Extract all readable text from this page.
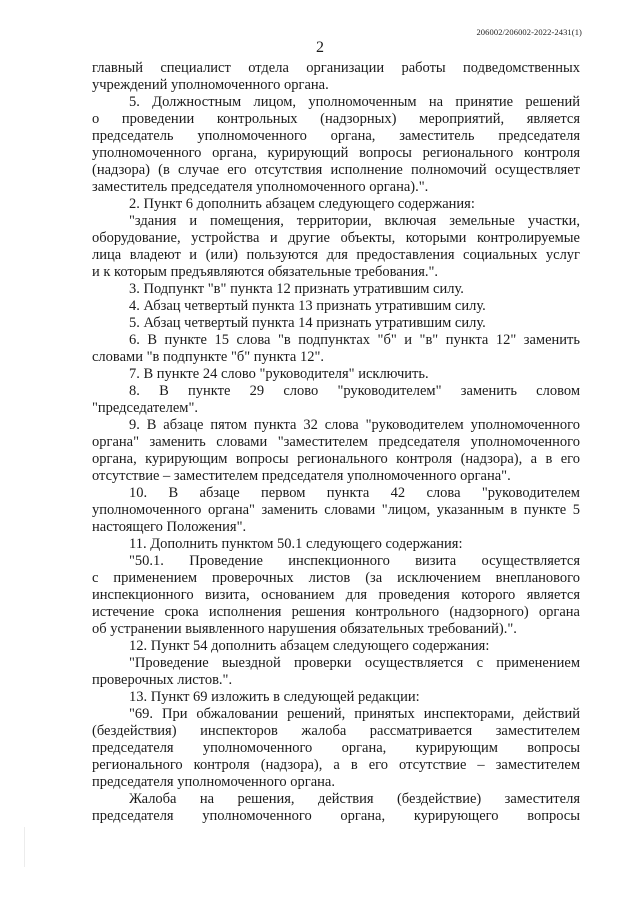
206002/206002-2022-2431(1)
2
главный специалист отдела организации работы подведомственных
учреждений уполномоченного органа.
5. Должностным лицом, уполномоченным на принятие решений
о проведении контрольных (надзорных) мероприятий, является
председатель уполномоченного органа, заместитель председателя
уполномоченного органа, курирующий вопросы регионального контроля
(надзора) (в случае его отсутствия исполнение полномочий осуществляет
заместитель председателя уполномоченного органа).".
2. Пункт 6 дополнить абзацем следующего содержания:
"здания и помещения, территории, включая земельные участки,
оборудование, устройства и другие объекты, которыми контролируемые
лица владеют и (или) пользуются для предоставления социальных услуг
и к которым предъявляются обязательные требования.".
3. Подпункт "в" пункта 12 признать утратившим силу.
4. Абзац четвертый пункта 13 признать утратившим силу.
5. Абзац четвертый пункта 14 признать утратившим силу.
6. В пункте 15 слова "в подпунктах "б" и "в" пункта 12" заменить
словами "в подпункте "б" пункта 12".
7. В пункте 24 слово "руководителя" исключить.
8. В пункте 29 слово "руководителем" заменить словом
"председателем".
9. В абзаце пятом пункта 32 слова "руководителем уполномоченного
органа" заменить словами "заместителем председателя уполномоченного
органа, курирующим вопросы регионального контроля (надзора), а в его
отсутствие – заместителем председателя уполномоченного органа".
10. В абзаце первом пункта 42 слова "руководителем
уполномоченного органа" заменить словами "лицом, указанным в пункте 5
настоящего Положения".
11. Дополнить пунктом 50.1 следующего содержания:
"50.1. Проведение инспекционного визита осуществляется
с применением проверочных листов (за исключением внепланового
инспекционного визита, основанием для проведения которого является
истечение срока исполнения решения контрольного (надзорного) органа
об устранении выявленного нарушения обязательных требований).".
12. Пункт 54 дополнить абзацем следующего содержания:
"Проведение выездной проверки осуществляется с применением
проверочных листов.".
13. Пункт 69 изложить в следующей редакции:
"69. При обжаловании решений, принятых инспекторами, действий
(бездействия) инспекторов жалоба рассматривается заместителем
председателя уполномоченного органа, курирующим вопросы
регионального контроля (надзора), а в его отсутствие – заместителем
председателя уполномоченного органа.
Жалоба на решения, действия (бездействие) заместителя
председателя уполномоченного органа, курирующего вопросы
